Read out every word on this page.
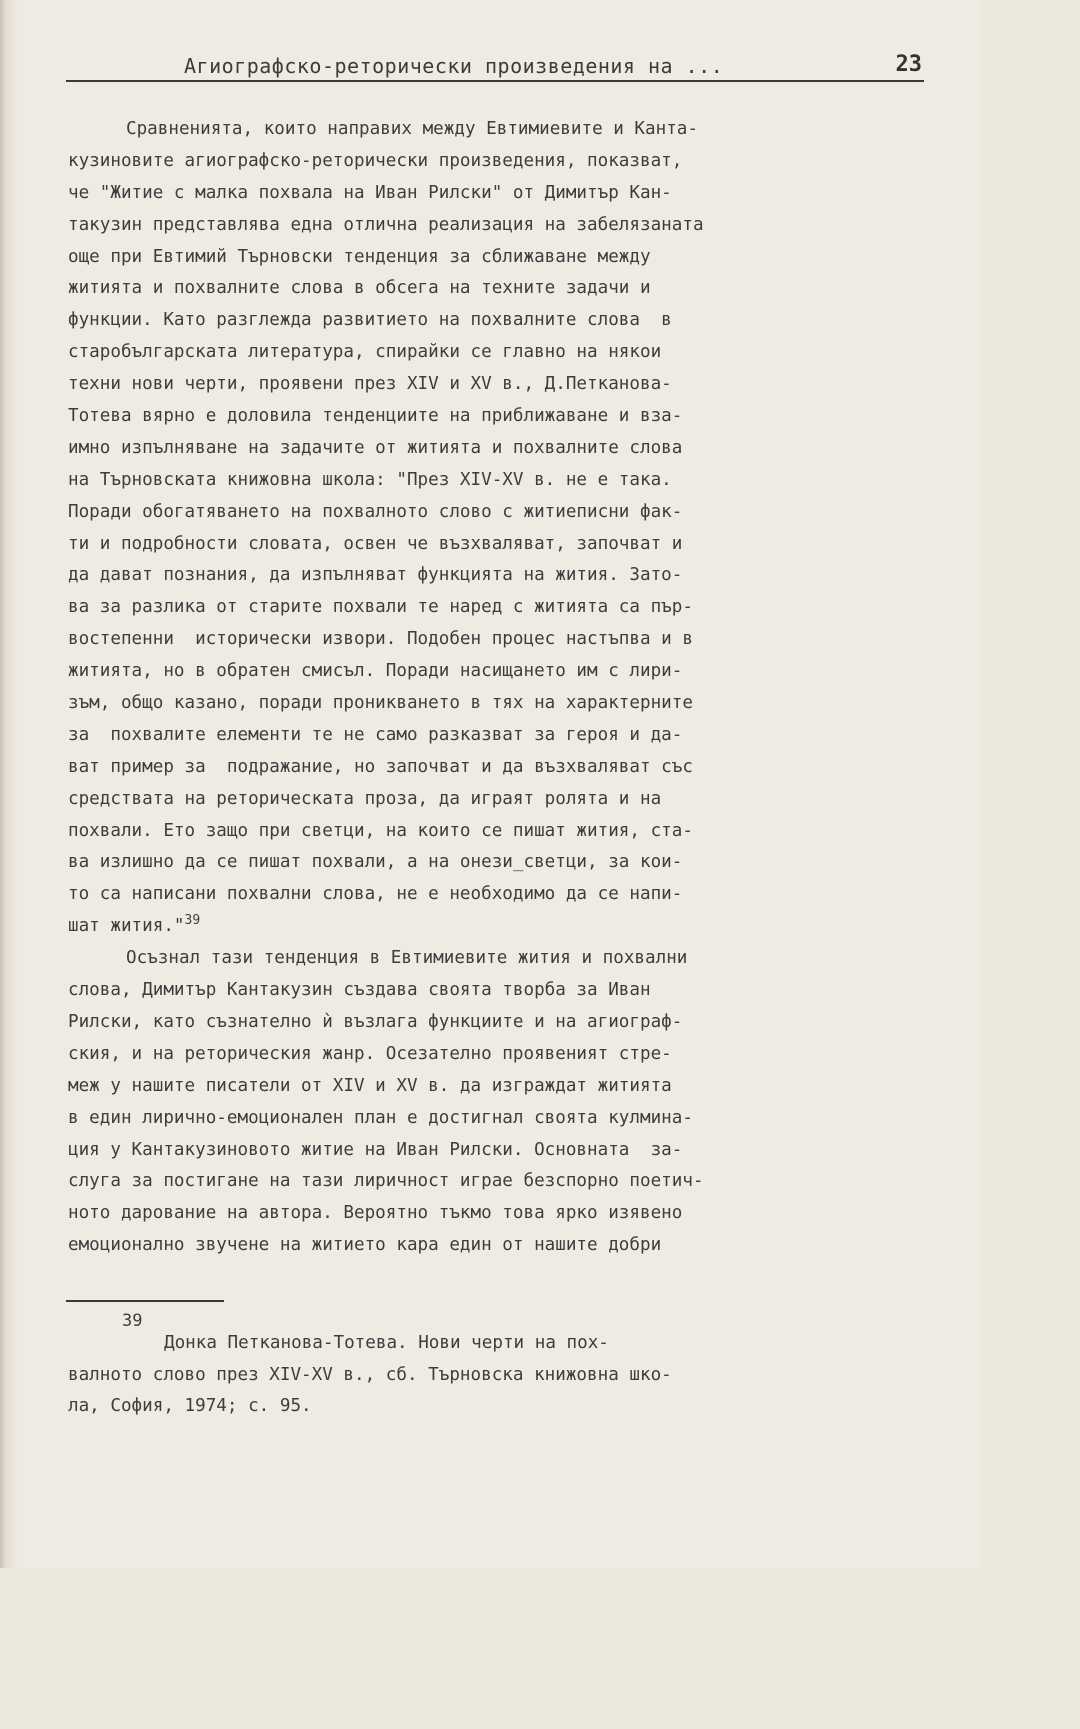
Агиографско-реторически произведения на ...	23
Сравненията, които направих между Евтимиевите и Канта-
кузиновите агиографско-реторически произведения, показват,
че "Житие с малка похвала на Иван Рилски" от Димитър Кан-
такузин представлява една отлична реализация на забелязаната
още при Евтимий Търновски тенденция за сближаване между
житията и похвалните слова в обсега на техните задачи и
функции. Като разглежда развитието на похвалните слова  в
старобългарската литература, спирайки се главно на някои
техни нови черти, проявени през XIV и XV в., Д.Петканова-
Тотева вярно е доловила тенденциите на приближаване и вза-
имно изпълняване на задачите от житията и похвалните слова
на Търновската книжовна школа: "През XIV-XV в. не е така.
Поради обогатяването на похвалното слово с житиеписни фак-
ти и подробности словата, освен че възхваляват, започват и
да дават познания, да изпълняват функцията на жития. Зато-
ва за разлика от старите похвали те наред с житията са пър-
востепенни  исторически извори. Подобен процес настъпва и в
житията, но в обратен смисъл. Поради насищането им с лири-
зъм, общо казано, поради проникването в тях на характерните
за  похвалите елементи те не само разказват за героя и да-
ват пример за  подражание, но започват и да възхваляват със
средствата на реторическата проза, да играят ролята и на
похвали. Ето защо при светци, на които се пишат жития, ста-
ва излишно да се пишат похвали, а на онези_светци, за кои-
то са написани похвални слова, не е необходимо да се напи-
шат жития."$^{39}$
Осъзнал тази тенденция в Евтимиевите жития и похвални
слова, Димитър Кантакузин създава своята творба за Иван
Рилски, като съзнателно ѝ възлага функциите и на агиограф-
ския, и на реторическия жанр. Осезателно проявеният стре-
меж у нашите писатели от XIV и XV в. да изграждат житията
в един лирично-емоционален план е достигнал своята кулмина-
ция у Кантакузиновото житие на Иван Рилски. Основната  за-
слуга за постигане на тази лиричност играе безспорно поетич-
ното дарование на автора. Вероятно тъкмо това ярко изявено
емоционално звучене на житието кара един от нашите добри
39
Донка Петканова-Тотева. Нови черти на пох-
валното слово през XIV-XV в., сб. Търновска книжовна шко-
ла, София, 1974; с. 95.
